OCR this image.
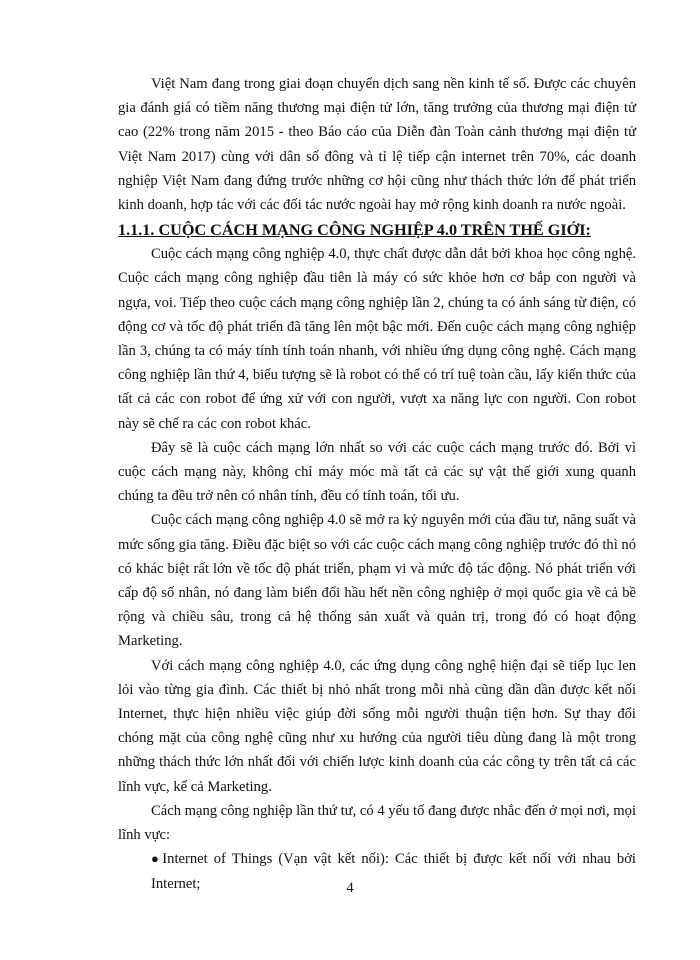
Việt Nam đang trong giai đoạn chuyển dịch sang nền kinh tế số. Được các chuyên gia đánh giá có tiềm năng thương mại điện tử lớn, tăng trưởng của thương mại điện tử cao (22% trong năm 2015 - theo Báo cáo của Diễn đàn Toàn cảnh thương mại điện tử Việt Nam 2017) cùng với dân số đông và tỉ lệ tiếp cận internet trên 70%, các doanh nghiệp Việt Nam đang đứng trước những cơ hội cũng như thách thức lớn để phát triển kinh doanh, hợp tác với các đối tác nước ngoài hay mở rộng kinh doanh ra nước ngoài.

1.1.1. CUỘC CÁCH MẠNG CÔNG NGHIỆP 4.0 TRÊN THẾ GIỚI:

Cuộc cách mạng công nghiệp 4.0, thực chất được dẫn dắt bởi khoa học công nghệ. Cuộc cách mạng công nghiệp đầu tiên là máy có sức khỏe hơn cơ bắp con người và ngựa, voi. Tiếp theo cuộc cách mạng công nghiệp lần 2, chúng ta có ánh sáng từ điện, có động cơ và tốc độ phát triển đã tăng lên một bậc mới. Đến cuộc cách mạng công nghiệp lần 3, chúng ta có máy tính tính toán nhanh, với nhiều ứng dụng công nghệ. Cách mạng công nghiệp lần thứ 4, biểu tượng sẽ là robot có thể có trí tuệ toàn cầu, lấy kiến thức của tất cả các con robot để ứng xử với con người, vượt xa năng lực con người. Con robot này sẽ chế ra các con robot khác.

Đây sẽ là cuộc cách mạng lớn nhất so với các cuộc cách mạng trước đó. Bởi vì cuộc cách mạng này, không chỉ máy móc mà tất cả các sự vật thế giới xung quanh chúng ta đều trở nên có nhân tính, đều có tính toán, tối ưu.

Cuộc cách mạng công nghiệp 4.0 sẽ mở ra kỷ nguyên mới của đầu tư, năng suất và mức sống gia tăng. Điều đặc biệt so với các cuộc cách mạng công nghiệp trước đó thì nó có khác biệt rất lớn về tốc độ phát triển, phạm vi và mức độ tác động. Nó phát triển với cấp độ số nhân, nó đang làm biến đổi hầu hết nền công nghiệp ở mọi quốc gia về cả bề rộng và chiều sâu, trong cả hệ thống sản xuất và quản trị, trong đó có hoạt động Marketing.

Với cách mạng công nghiệp 4.0, các ứng dụng công nghệ hiện đại sẽ tiếp lục len lỏi vào từng gia đình. Các thiết bị nhỏ nhất trong mỗi nhà cũng dần dần được kết nối Internet, thực hiện nhiều việc giúp đời sống mỗi người thuận tiện hơn. Sự thay đổi chóng mặt của công nghệ cũng như xu hướng của người tiêu dùng đang là một trong những thách thức lớn nhất đối với chiến lược kinh doanh của các công ty trên tất cả các lĩnh vực, kể cả Marketing.

Cách mạng công nghiệp lần thứ tư, có 4 yếu tố đang được nhắc đến ở mọi nơi, mọi lĩnh vực:

●Internet of Things (Vạn vật kết nối): Các thiết bị được kết nối với nhau bởi Internet;	4
